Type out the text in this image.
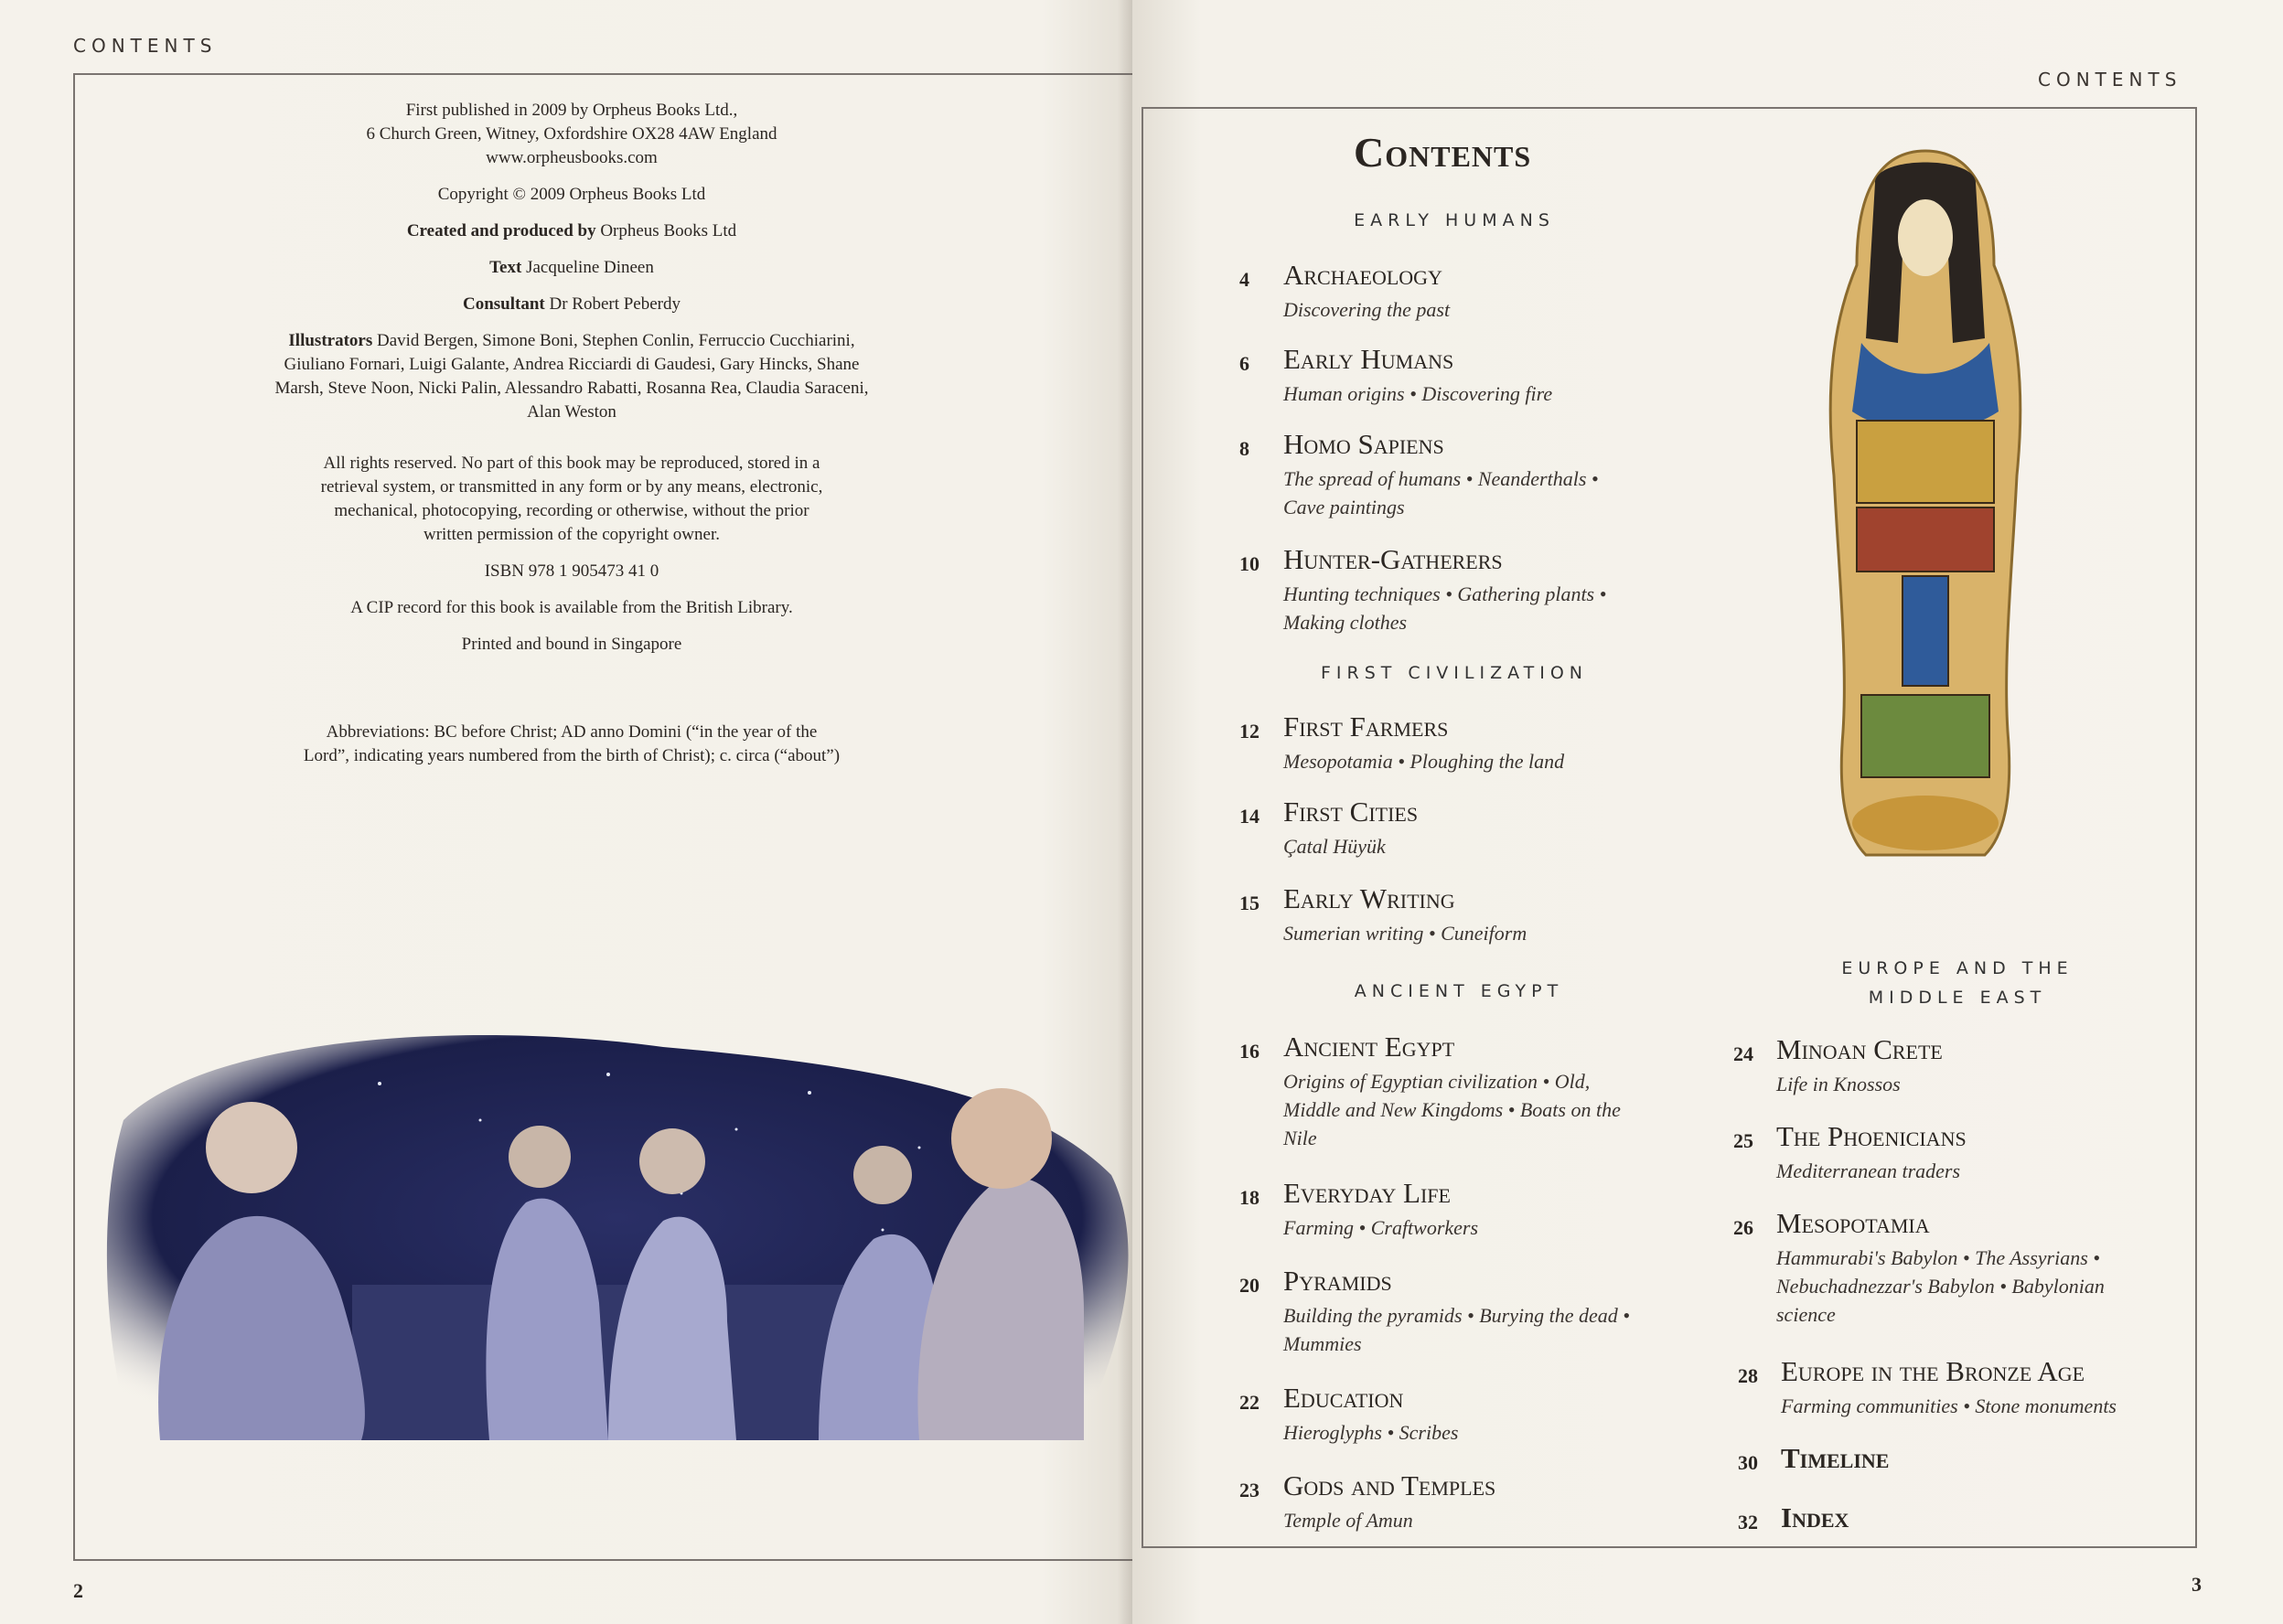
CONTENTS

First published in 2009 by Orpheus Books Ltd.,
6 Church Green, Witney, Oxfordshire OX28 4AW England
www.orpheusbooks.com

Copyright © 2009 Orpheus Books Ltd

Created and produced by Orpheus Books Ltd

Text Jacqueline Dineen

Consultant Dr Robert Peberdy

Illustrators David Bergen, Simone Boni, Stephen Conlin, Ferruccio Cucchiarini, Giuliano Fornari, Luigi Galante, Andrea Ricciardi di Gaudesi, Gary Hincks, Shane Marsh, Steve Noon, Nicki Palin, Alessandro Rabatti, Rosanna Rea, Claudia Saraceni, Alan Weston

All rights reserved. No part of this book may be reproduced, stored in a retrieval system, or transmitted in any form or by any means, electronic, mechanical, photocopying, recording or otherwise, without the prior written permission of the copyright owner.

ISBN 978 1 905473 41 0

A CIP record for this book is available from the British Library.

Printed and bound in Singapore

Abbreviations: BC before Christ; AD anno Domini (“in the year of the Lord”, indicating years numbered from the birth of Christ); c. circa (“about”)

2
CONTENTS
3
Contents
EARLY HUMANS
FIRST CIVILIZATION
ANCIENT EGYPT
EUROPE AND THE
MIDDLE EAST
4 Archaeology
Discovering the past
6 Early Humans
Human origins • Discovering fire
8 Homo Sapiens
The spread of humans • Neanderthals •
Cave paintings
10 Hunter-Gatherers
Hunting techniques • Gathering plants •
Making clothes
12 First Farmers
Mesopotamia • Ploughing the land
14 First Cities
Çatal Hüyük
15 Early Writing
Sumerian writing • Cuneiform
16 Ancient Egypt
Origins of Egyptian civilization • Old,
Middle and New Kingdoms • Boats on the
Nile
18 Everyday Life
Farming • Craftworkers
20 Pyramids
Building the pyramids • Burying the dead •
Mummies
22 Education
Hieroglyphs • Scribes
23 Gods and Temples
Temple of Amun
24 Minoan Crete
Life in Knossos
25 The Phoenicians
Mediterranean traders
26 Mesopotamia
Hammurabi's Babylon • The Assyrians •
Nebuchadnezzar's Babylon • Babylonian
science
28 Europe in the Bronze Age
Farming communities • Stone monuments
30 Timeline
32 Index
